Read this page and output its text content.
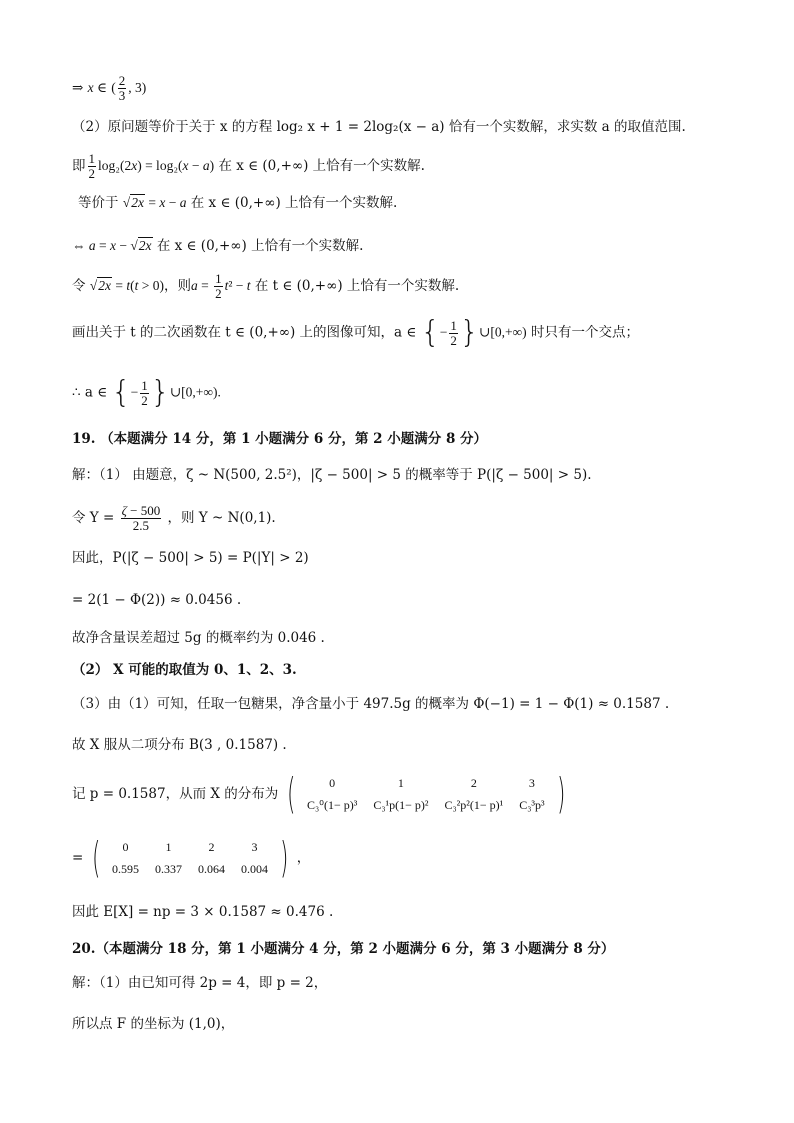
⇒ x ∈ ( $\frac{2}{3}$ , 3)
（2）原问题等价于关于 x 的方程 log₂ x + 1 = 2log₂(x − a) 恰有一个实数解，求实数 a 的取值范围.
即 $\frac{1}{2} \log_2(2x) = \log_2(x - a)$ 在 x ∈ (0,+∞) 上恰有一个实数解.
等价于 √2x = x − a 在 x ∈ (0,+∞) 上恰有一个实数解.
⇔ a = x − √2x 在 x ∈ (0,+∞) 上恰有一个实数解.
令 √2x = t(t > 0)，则$a = \frac{1}{2} t^2 - t$ 在 t ∈ (0,+∞) 上恰有一个实数解.
画出关于 t 的二次函数在 t ∈ (0,+∞) 上的图像可知，a ∈ {− $\frac{1}{2}$ }∪[0,+∞) 时只有一个交点；
∴ a ∈ {− $\frac{1}{2}$ }∪[0,+∞).
19. （本题满分 14 分，第 1 小题满分 6 分，第 2 小题满分 8 分）
解：（1） 由题意，ζ ~ N(500, 2.5²)，|ζ − 500| > 5 的概率等于 P(|ζ − 500| > 5).
令 $Y = \frac{\zeta - 500}{2.5}$ ，则 Y ~ N(0,1).
因此，P(|ζ − 500| > 5) = P(|Y| > 2)
= 2(1 − Φ(2)) ≈ 0.0456 .
故净含量误差超过 5g 的概率约为 0.046 .
（2） X 可能的取值为 0、1、2、3.
（3）由（1）可知，任取一包糖果，净含量小于 497.5g 的概率为 Φ(−1) = 1 − Φ(1) ≈ 0.1587 .
故 X 服从二项分布 B(3 , 0.1587) .
记 p = 0.1587，从而 X 的分布为 (	0	1	2	3
C₃⁰(1− p)³	C₃¹p(1− p)²	C₃²p²(1− p)¹	C₃³p³ )
= ( 0	1	2	3
0.595	0.337	0.064	0.004 ) ，
因此 E[X] = np = 3 × 0.1587 ≈ 0.476 .
20.（本题满分 18 分，第 1 小题满分 4 分，第 2 小题满分 6 分，第 3 小题满分 8 分）
解：（1）由已知可得 2p = 4，即 p = 2，
所以点 F 的坐标为 (1,0)，
